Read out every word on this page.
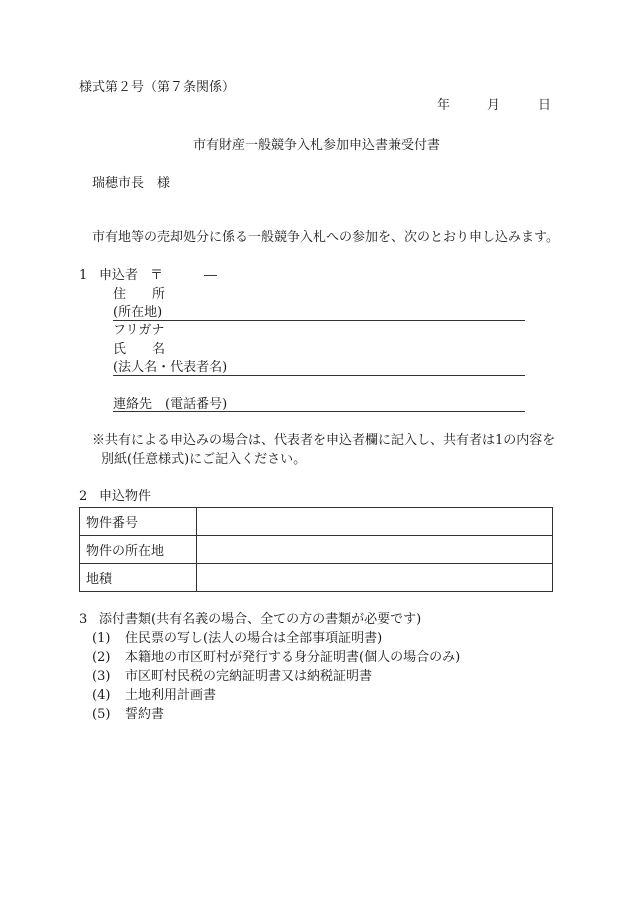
様式第２号（第７条関係）
年	月	日
市有財産一般競争入札参加申込書兼受付書
瑞穂市長　様
市有地等の売却処分に係る一般競争入札への参加を、次のとおり申し込みます。
1 申込者 〒	―
住　　所
(所在地)
フリガナ
氏　　名
(法人名・代表者名)
連絡先　(電話番号)
※共有による申込みの場合は、代表者を申込者欄に記入し、共有者は1の内容を
別紙(任意様式)にご記入ください。
2 申込物件
物件番号	
物件の所在地	
地積	
3 添付書類(共有名義の場合、全ての方の書類が必要です)
(1) 住民票の写し(法人の場合は全部事項証明書)
(2) 本籍地の市区町村が発行する身分証明書(個人の場合のみ)
(3) 市区町村民税の完納証明書又は納税証明書
(4) 土地利用計画書
(5) 誓約書
